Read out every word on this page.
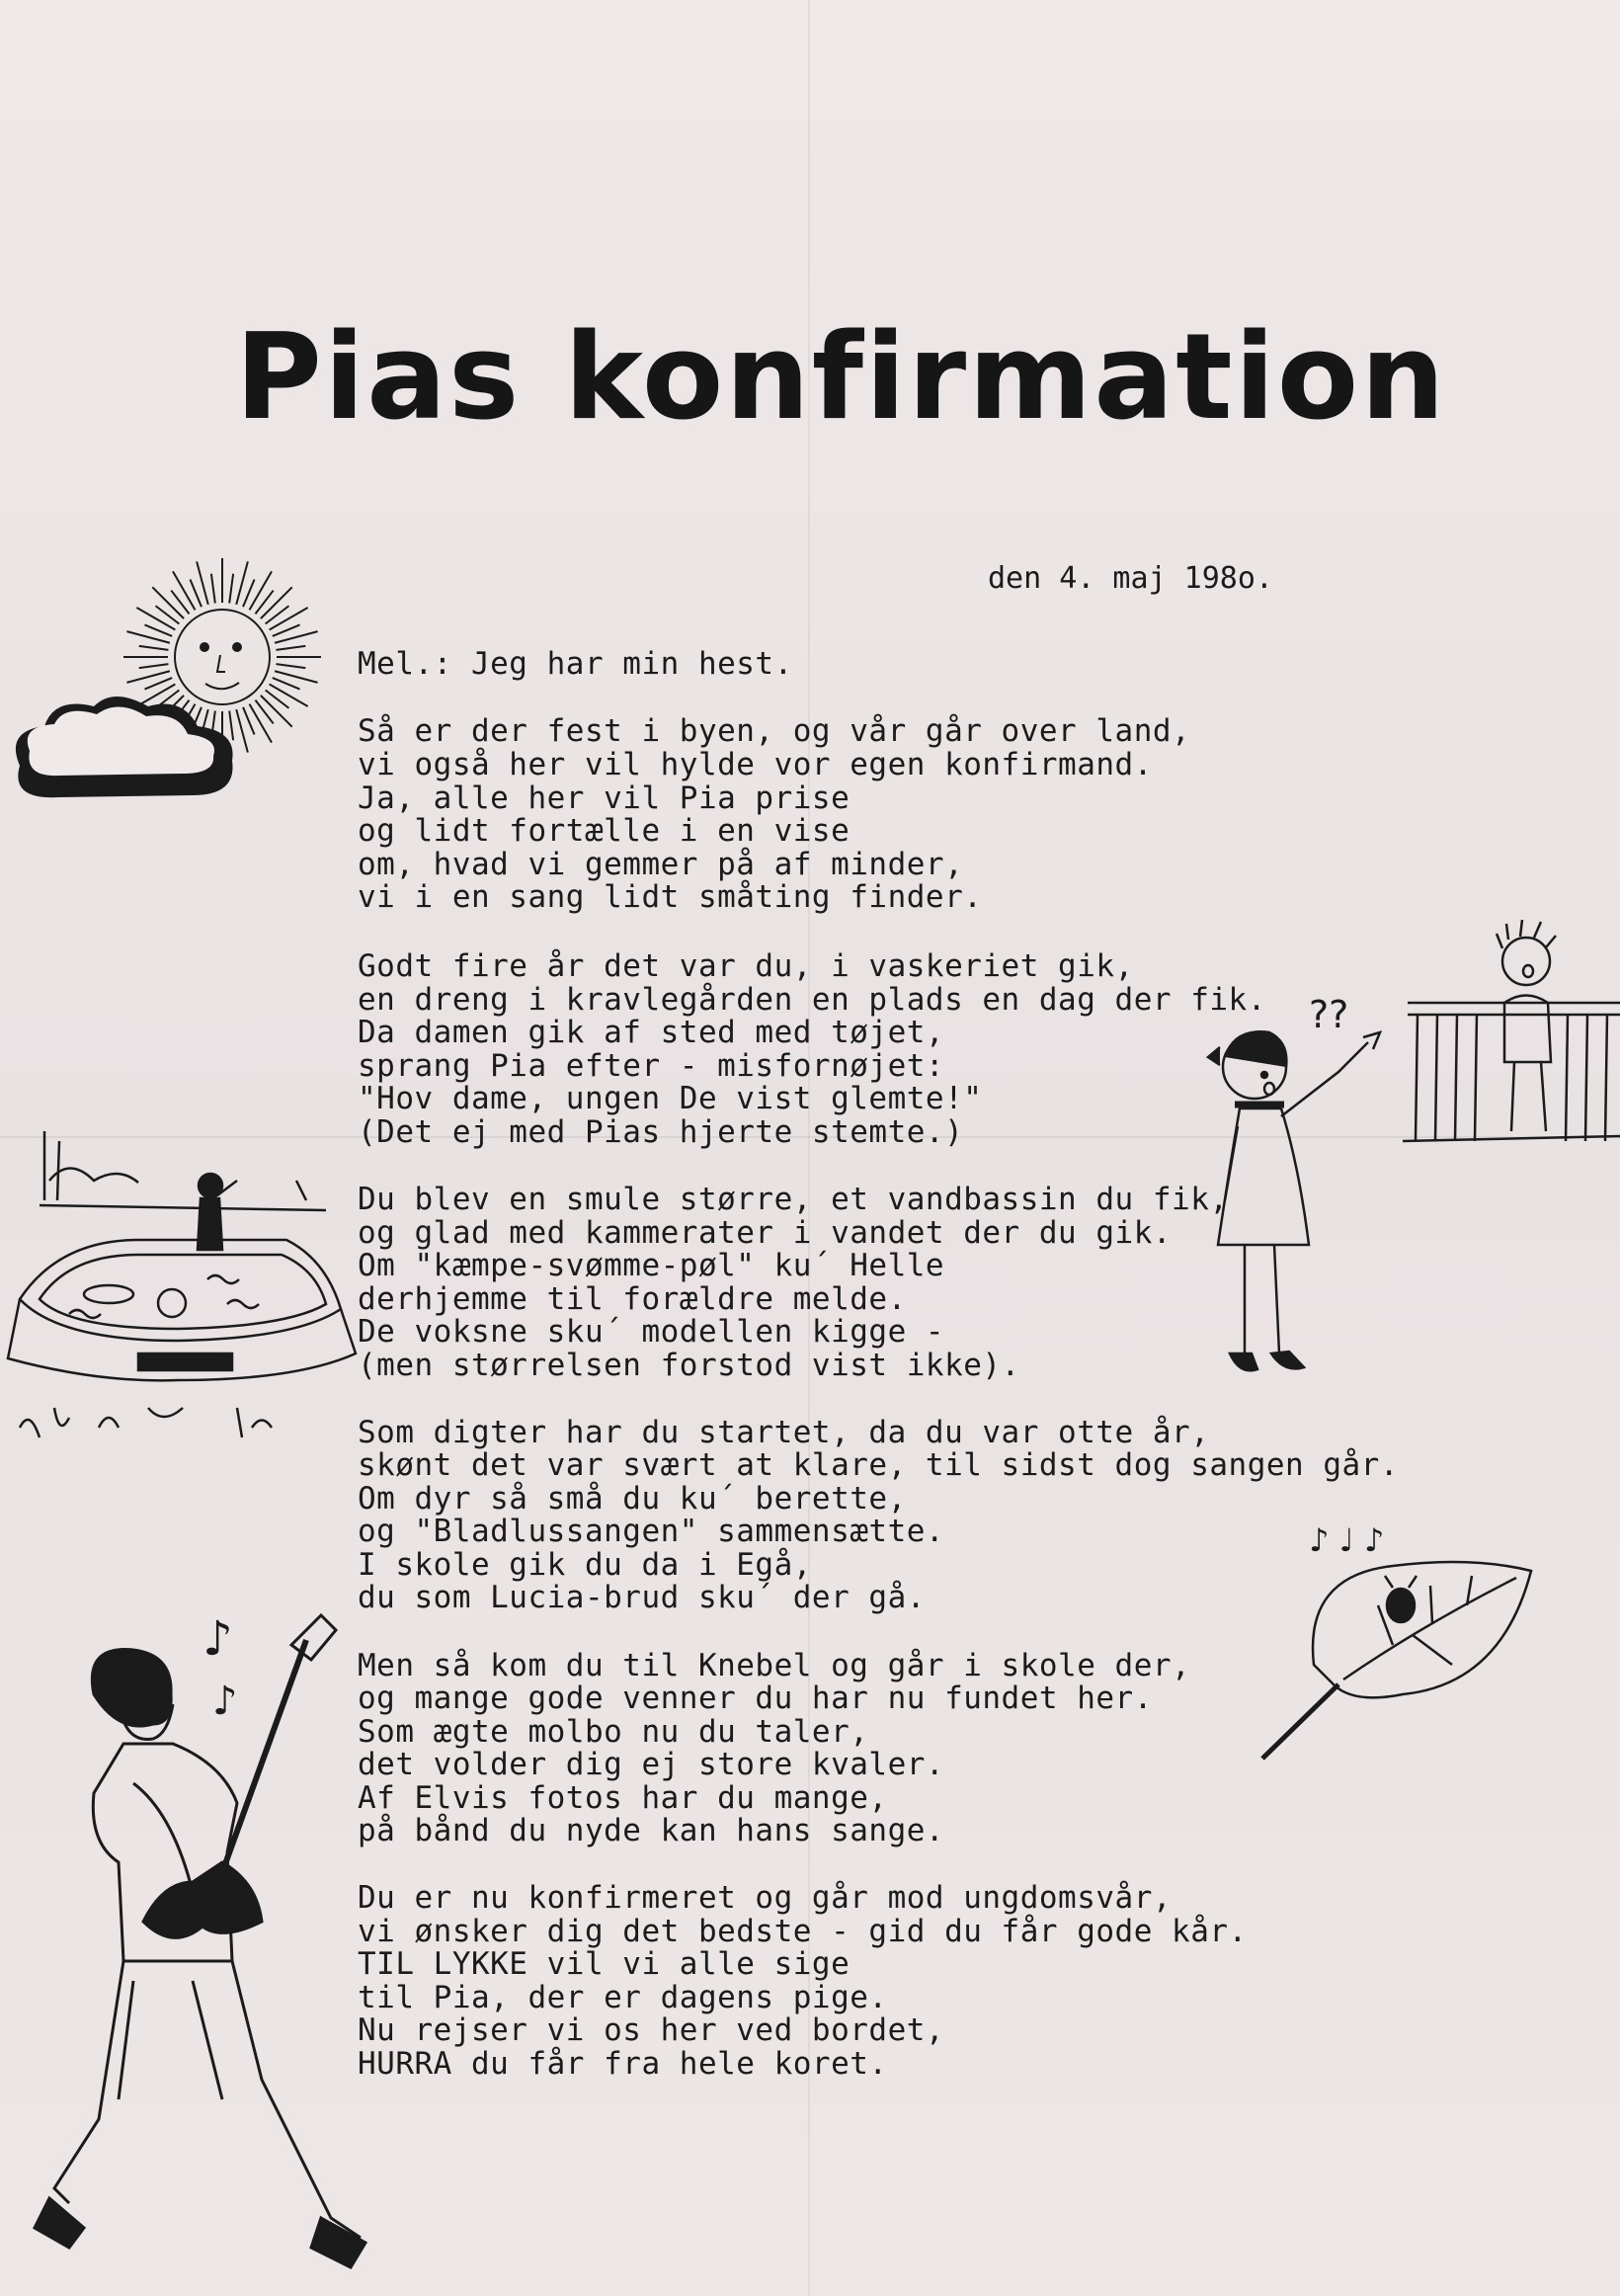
Pias konfirmation
den 4. maj 198o.
Mel.: Jeg har min hest.
Så er der fest i byen, og vår går over land,
vi også her vil hylde vor egen konfirmand.
Ja, alle her vil Pia prise
og lidt fortælle i en vise
om, hvad vi gemmer på af minder,
vi i en sang lidt småting finder.
Godt fire år det var du, i vaskeriet gik,
en dreng i kravlegården en plads en dag der fik.
Da damen gik af sted med tøjet,
sprang Pia efter - misfornøjet:
"Hov dame, ungen De vist glemte!"
(Det ej med Pias hjerte stemte.)
Du blev en smule større, et vandbassin du fik,
og glad med kammerater i vandet der du gik.
Om "kæmpe-svømme-pøl" ku´ Helle
derhjemme til forældre melde.
De voksne sku´ modellen kigge -
(men størrelsen forstod vist ikke).
Som digter har du startet, da du var otte år,
skønt det var svært at klare, til sidst dog sangen går.
Om dyr så små du ku´ berette,
og "Bladlussangen" sammensætte.
I skole gik du da i Egå,
du som Lucia-brud sku´ der gå.
Men så kom du til Knebel og går i skole der,
og mange gode venner du har nu fundet her.
Som ægte molbo nu du taler,
det volder dig ej store kvaler.
Af Elvis fotos har du mange,
på bånd du nyde kan hans sange.
Du er nu konfirmeret og går mod ungdomsvår,
vi ønsker dig det bedste - gid du får gode kår.
TIL LYKKE vil vi alle sige
til Pia, der er dagens pige.
Nu rejser vi os her ved bordet,
HURRA du får fra hele koret.
??
♪ ♩ ♪
♪
♪
